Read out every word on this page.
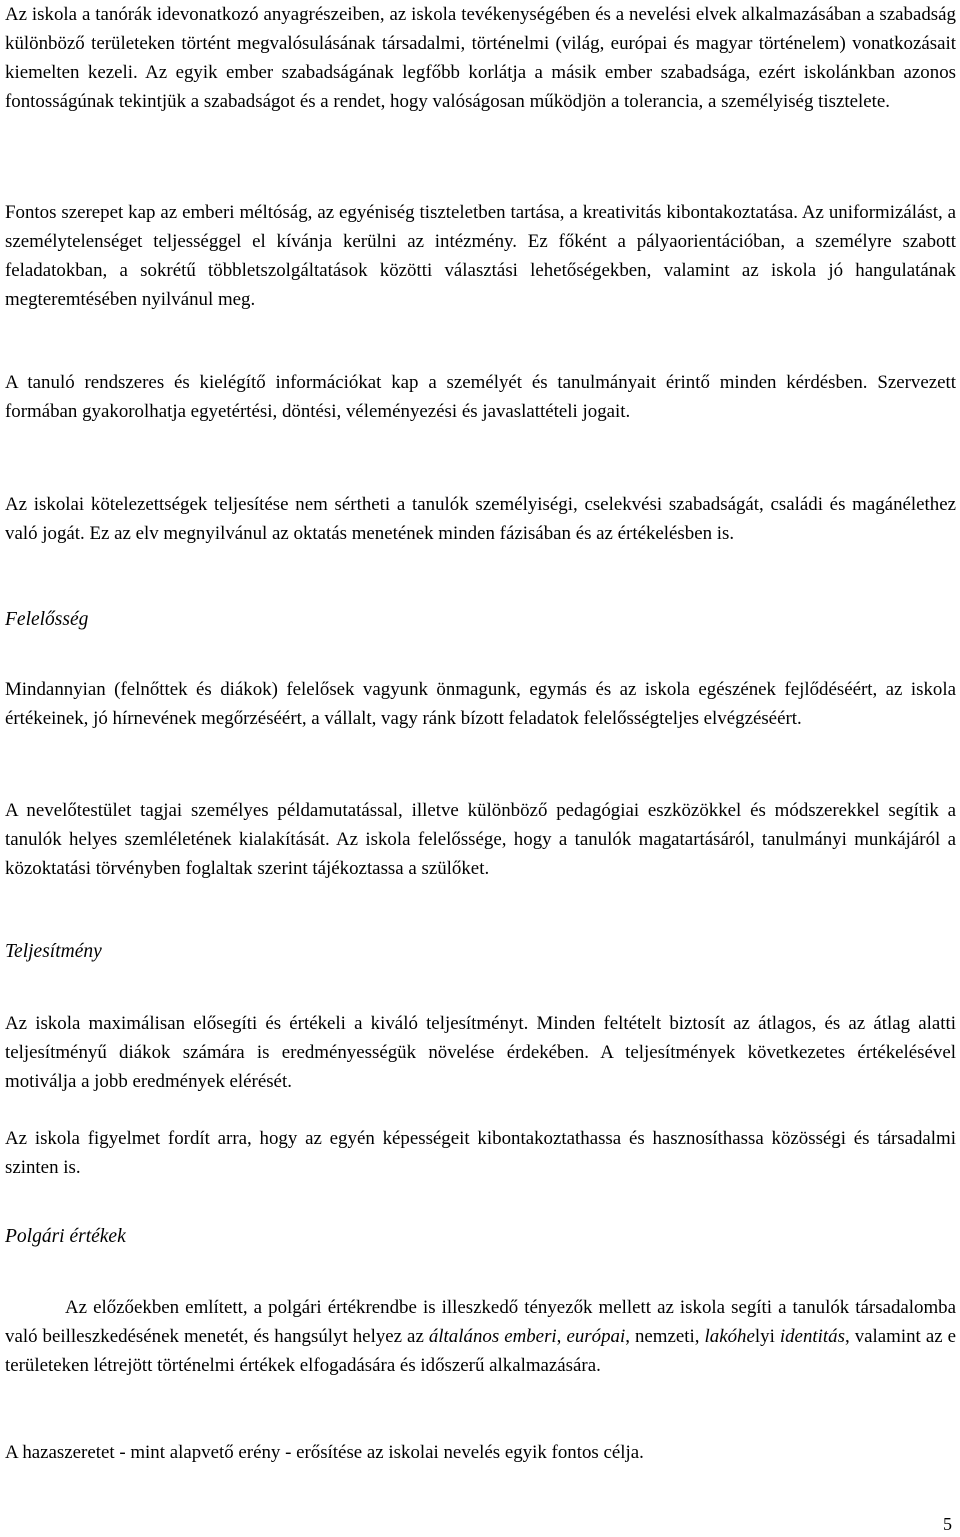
Az iskola a tanórák idevonatkozó anyagrészeiben, az iskola tevékenységében és a nevelési elvek alkalmazásában a szabadság különböző területeken történt megvalósulásának társadalmi, történelmi (világ, európai és magyar történelem) vonatkozásait kiemelten kezeli. Az egyik ember szabadságának legfőbb korlátja a másik ember szabadsága, ezért iskolánkban azonos fontosságúnak tekintjük a szabadságot és a rendet, hogy valóságosan működjön a tolerancia, a személyiség tisztelete.

Fontos szerepet kap az emberi méltóság, az egyéniség tiszteletben tartása, a kreativitás kibontakoztatása. Az uniformizálást, a személytelenséget teljességgel el kívánja kerülni az intézmény. Ez főként a pályaorientációban, a személyre szabott feladatokban, a sokrétű többletszolgáltatások közötti választási lehetőségekben, valamint az iskola jó hangulatának megteremtésében nyilvánul meg.

A tanuló rendszeres és kielégítő információkat kap a személyét és tanulmányait érintő minden kérdésben. Szervezett formában gyakorolhatja egyetértési, döntési, véleményezési és javaslattételi jogait.

Az iskolai kötelezettségek teljesítése nem sértheti a tanulók személyiségi, cselekvési szabadságát, családi és magánélethez való jogát. Ez az elv megnyilvánul az oktatás menetének minden fázisában és az értékelésben is.

Felelősség

Mindannyian (felnőttek és diákok) felelősek vagyunk önmagunk, egymás és az iskola egészének fejlődéséért, az iskola értékeinek, jó hírnevének megőrzéséért, a vállalt, vagy ránk bízott feladatok felelősségteljes elvégzéséért.

A nevelőtestület tagjai személyes példamutatással, illetve különböző pedagógiai eszközökkel és módszerekkel segítik a tanulók helyes szemléletének kialakítását. Az iskola felelőssége, hogy a tanulók magatartásáról, tanulmányi munkájáról a közoktatási törvényben foglaltak szerint tájékoztassa a szülőket.

Teljesítmény

Az iskola maximálisan elősegíti és értékeli a kiváló teljesítményt. Minden feltételt biztosít az átlagos, és az átlag alatti teljesítményű diákok számára is eredményességük növelése érdekében. A teljesítmények következetes értékelésével motiválja a jobb eredmények elérését.

Az iskola figyelmet fordít arra, hogy az egyén képességeit kibontakoztathassa és hasznosíthassa közösségi és társadalmi szinten is.

Polgári értékek

Az előzőekben említett, a polgári értékrendbe is illeszkedő tényezők mellett az iskola segíti a tanulók társadalomba való beilleszkedésének menetét, és hangsúlyt helyez az általános emberi, európai, nemzeti, lakóhelyi identitás, valamint az e területeken létrejött történelmi értékek elfogadására és időszerű alkalmazására.

A hazaszeretet - mint alapvető erény - erősítése az iskolai nevelés egyik fontos célja.

5
